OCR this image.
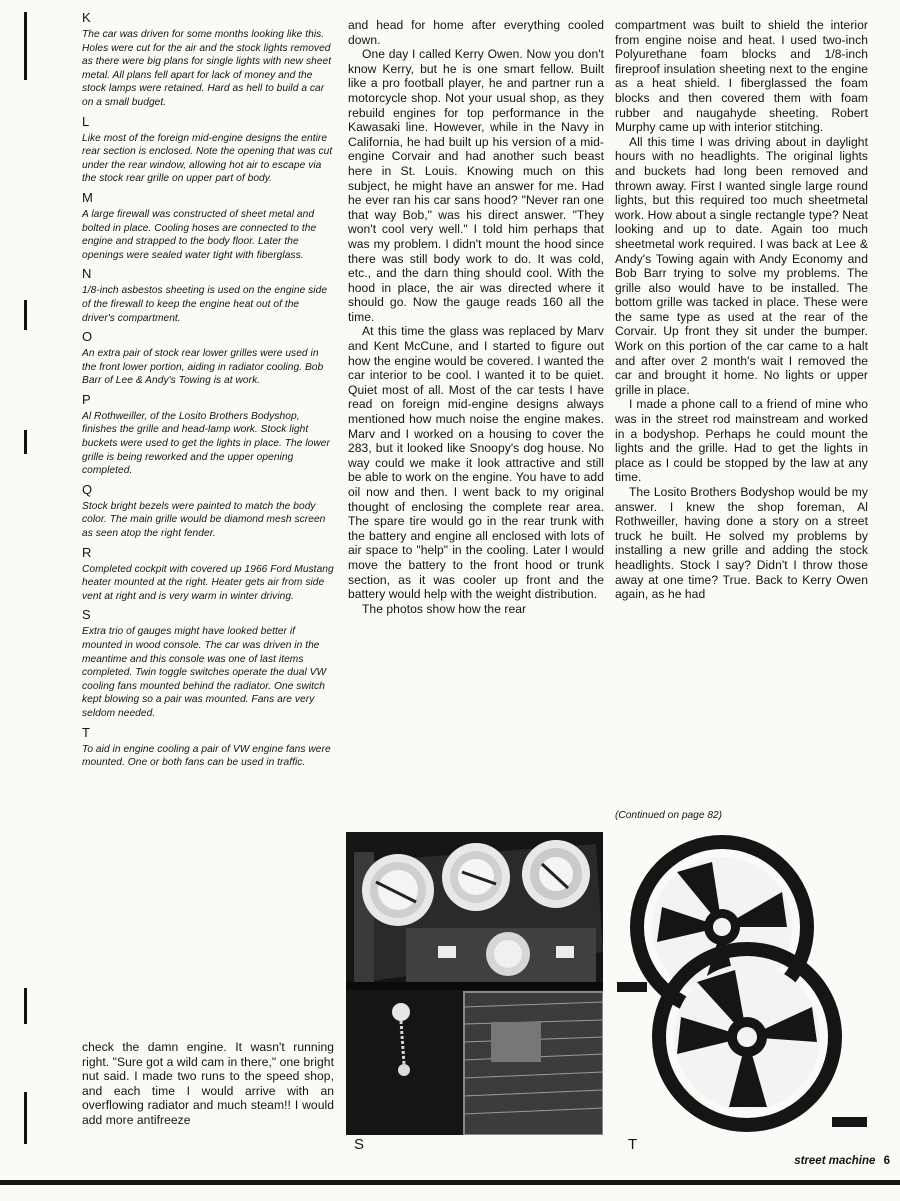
K

The car was driven for some months looking like this. Holes were cut for the air and the stock lights removed as there were big plans for single lights with new sheet metal. All plans fell apart for lack of money and the stock lamps were retained. Hard as hell to build a car on a small budget.

L

Like most of the foreign mid-engine designs the entire rear section is enclosed. Note the opening that was cut under the rear window, allowing hot air to escape via the stock rear grille on upper part of body.

M

A large firewall was constructed of sheet metal and bolted in place. Cooling hoses are connected to the engine and strapped to the body floor. Later the openings were sealed water tight with fiberglass.

N

1/8-inch asbestos sheeting is used on the engine side of the firewall to keep the engine heat out of the driver's compartment.

O

An extra pair of stock rear lower grilles were used in the front lower portion, aiding in radiator cooling. Bob Barr of Lee & Andy's Towing is at work.

P

Al Rothweiller, of the Losito Brothers Bodyshop, finishes the grille and head-lamp work. Stock light buckets were used to get the lights in place. The lower grille is being reworked and the upper opening completed.

Q

Stock bright bezels were painted to match the body color. The main grille would be diamond mesh screen as seen atop the right fender.

R

Completed cockpit with covered up 1966 Ford Mustang heater mounted at the right. Heater gets air from side vent at right and is very warm in winter driving.

S

Extra trio of gauges might have looked better if mounted in wood console. The car was driven in the meantime and this console was one of last items completed. Twin toggle switches operate the dual VW cooling fans mounted behind the radiator. One switch kept blowing so a pair was mounted. Fans are very seldom needed.

T

To aid in engine cooling a pair of VW engine fans were mounted. One or both fans can be used in traffic.

check the damn engine. It wasn't running right. "Sure got a wild cam in there," one bright nut said. I made two runs to the speed shop, and each time I would arrive with an overflowing radiator and much steam!! I would add more antifreeze

and head for home after everything cooled down.

One day I called Kerry Owen. Now you don't know Kerry, but he is one smart fellow. Built like a pro football player, he and partner run a motorcycle shop. Not your usual shop, as they rebuild engines for top performance in the Kawasaki line. However, while in the Navy in California, he had built up his version of a mid-engine Corvair and had another such beast here in St. Louis. Knowing much on this subject, he might have an answer for me. Had he ever ran his car sans hood? "Never ran one that way Bob," was his direct answer. "They won't cool very well." I told him perhaps that was my problem. I didn't mount the hood since there was still body work to do. It was cold, etc., and the darn thing should cool. With the hood in place, the air was directed where it should go. Now the gauge reads 160 all the time.

At this time the glass was replaced by Marv and Kent McCune, and I started to figure out how the engine would be covered. I wanted the car interior to be cool. I wanted it to be quiet. Quiet most of all. Most of the car tests I have read on foreign mid-engine designs always mentioned how much noise the engine makes. Marv and I worked on a housing to cover the 283, but it looked like Snoopy's dog house. No way could we make it look attractive and still be able to work on the engine. You have to add oil now and then. I went back to my original thought of enclosing the complete rear area. The spare tire would go in the rear trunk with the battery and engine all enclosed with lots of air space to "help" in the cooling. Later I would move the battery to the front hood or trunk section, as it was cooler up front and the battery would help with the weight distribution.

The photos show how the rear

compartment was built to shield the interior from engine noise and heat. I used two-inch Polyurethane foam blocks and 1/8-inch fireproof insulation sheeting next to the engine as a heat shield. I fiberglassed the foam blocks and then covered them with foam rubber and naugahyde sheeting. Robert Murphy came up with interior stitching.

All this time I was driving about in daylight hours with no headlights. The original lights and buckets had long been removed and thrown away. First I wanted single large round lights, but this required too much sheetmetal work. How about a single rectangle type? Neat looking and up to date. Again too much sheetmetal work required. I was back at Lee & Andy's Towing again with Andy Economy and Bob Barr trying to solve my problems. The grille also would have to be installed. The bottom grille was tacked in place. These were the same type as used at the rear of the Corvair. Up front they sit under the bumper. Work on this portion of the car came to a halt and after over 2 month's wait I removed the car and brought it home. No lights or upper grille in place.

I made a phone call to a friend of mine who was in the street rod mainstream and worked in a bodyshop. Perhaps he could mount the lights and the grille. Had to get the lights in place as I could be stopped by the law at any time.

The Losito Brothers Bodyshop would be my answer. I knew the shop foreman, Al Rothweiller, having done a story on a street truck he built. He solved my problems by installing a new grille and adding the stock headlights. Stock I say? Didn't I throw those away at one time? True. Back to Kerry Owen again, as he had

(Continued on page 82)
S	T
street machine 6
